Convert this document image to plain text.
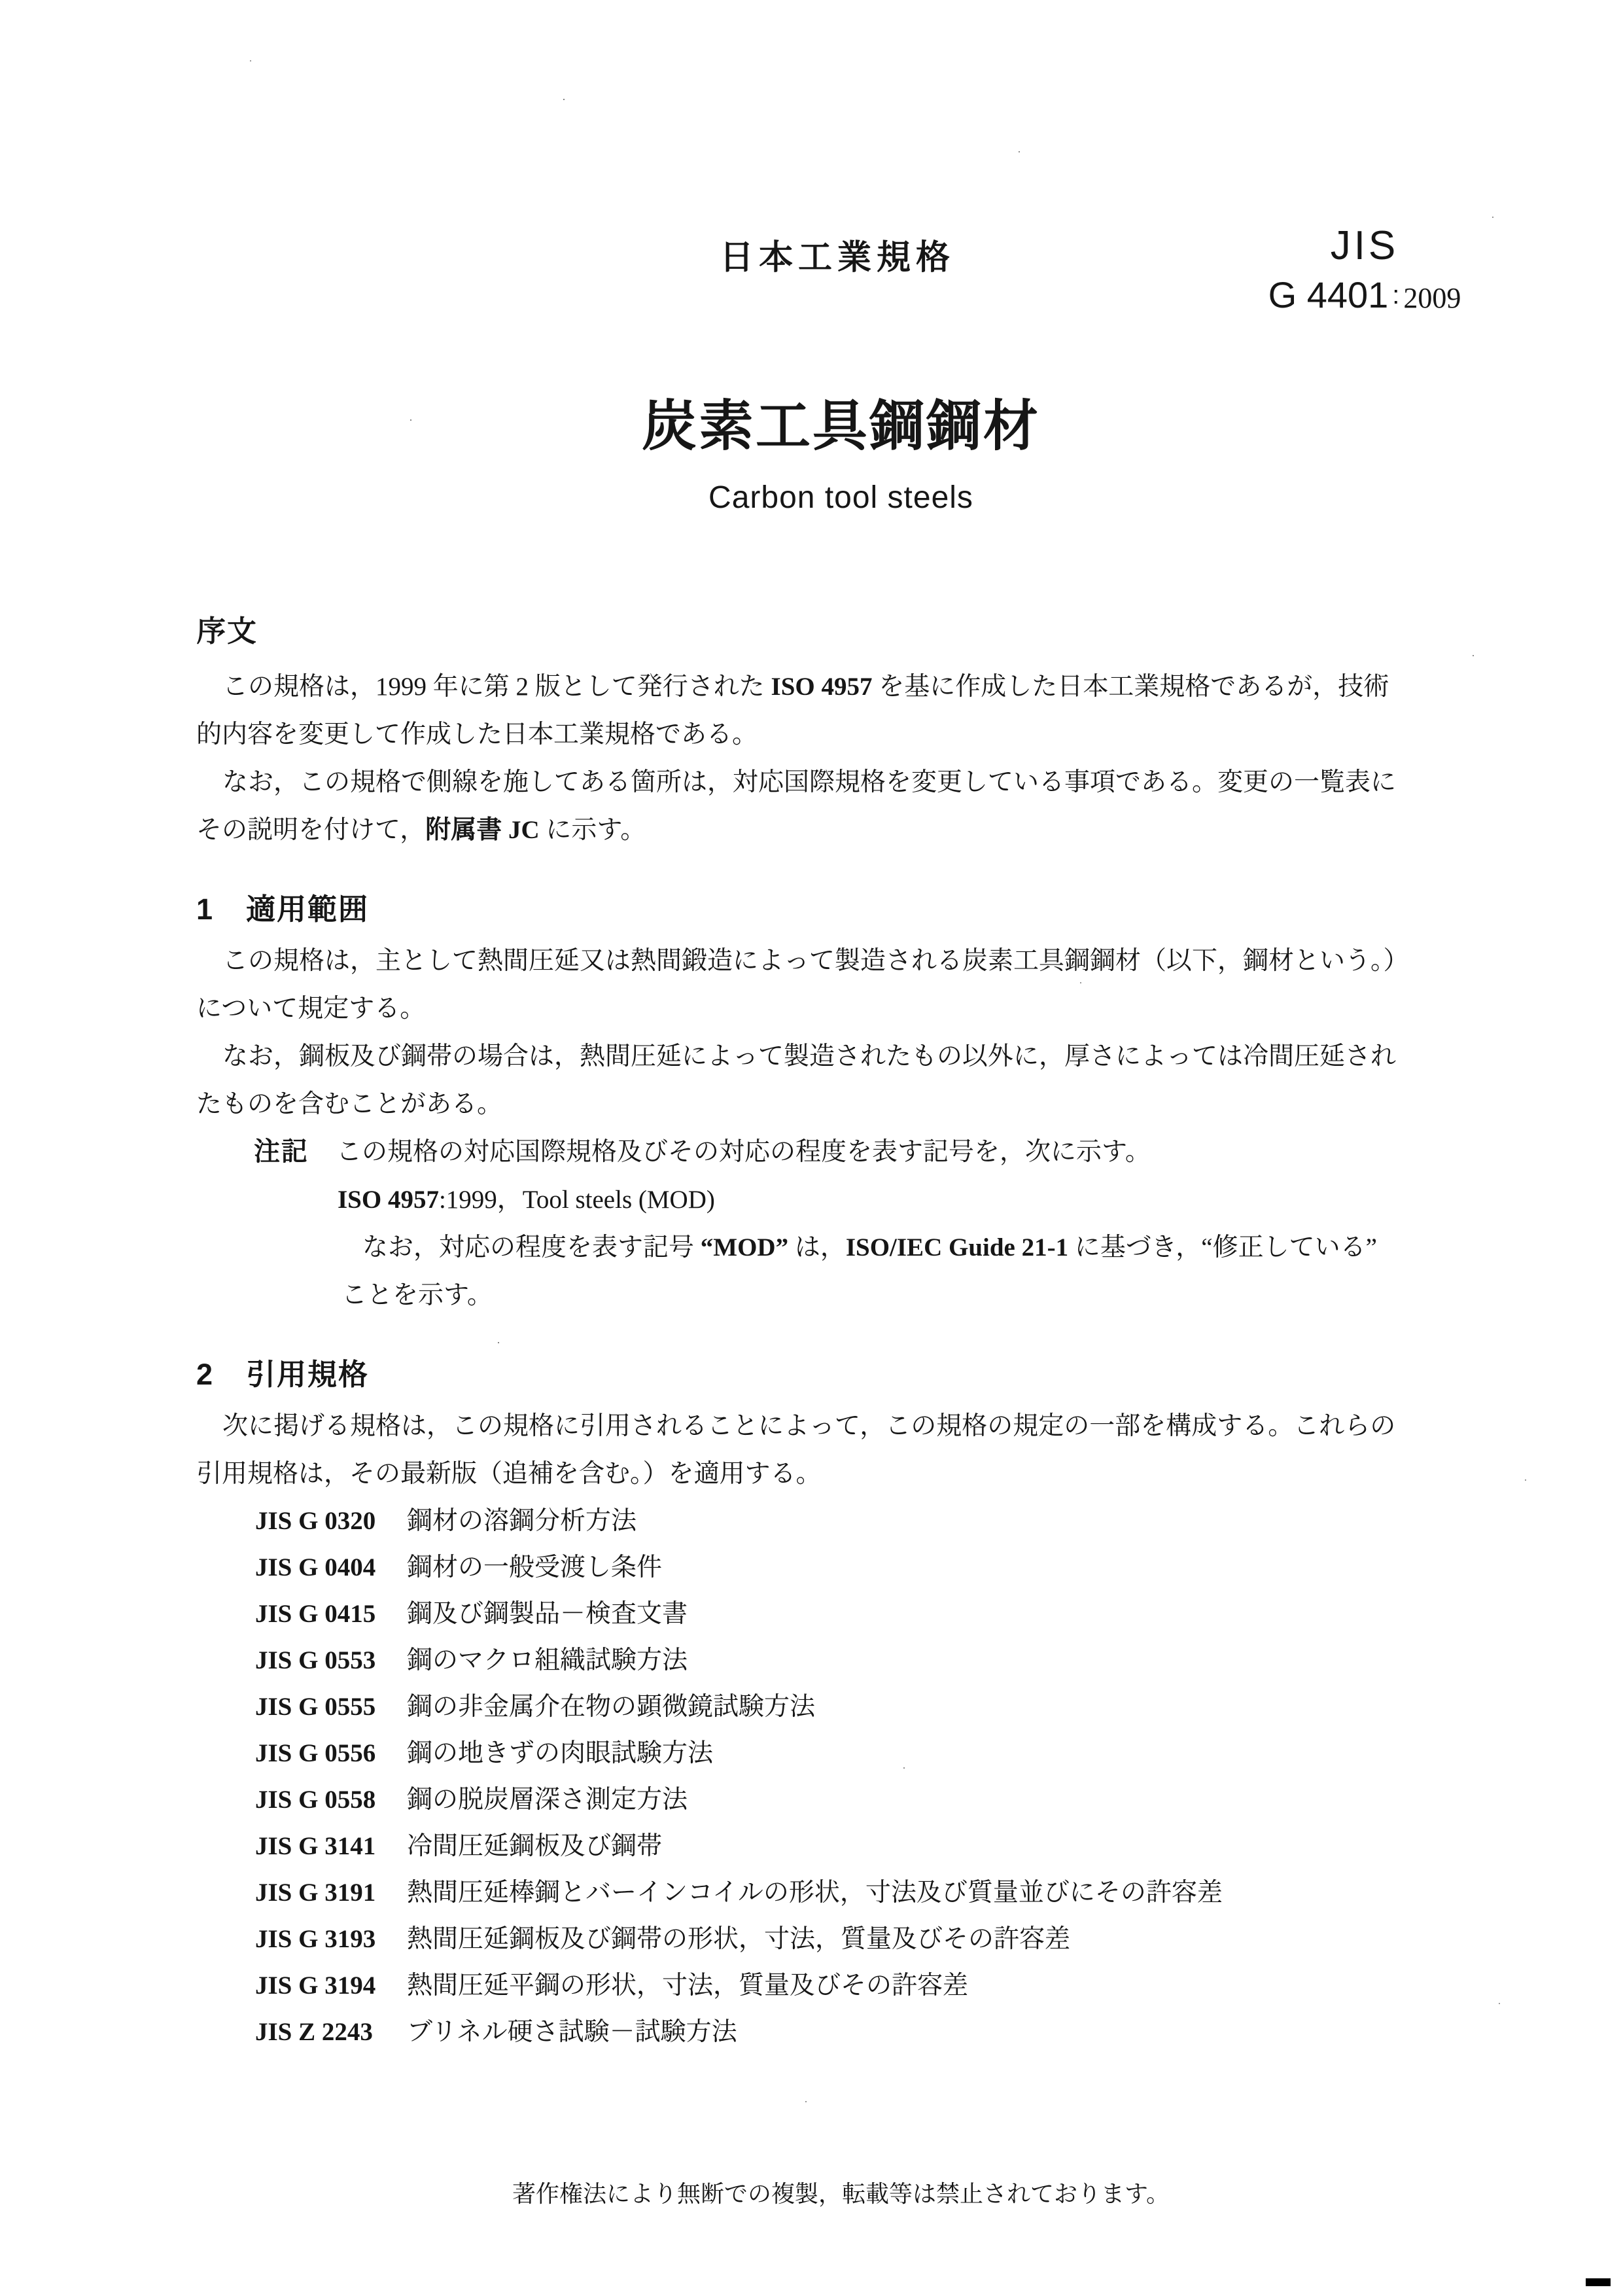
日本工業規格	JIS
G 4401 : 2009
炭素工具鋼鋼材
Carbon tool steels
序文
この規格は，1999 年に第 2 版として発行された ISO 4957 を基に作成した日本工業規格であるが，技術
的内容を変更して作成した日本工業規格である。
なお，この規格で側線を施してある箇所は，対応国際規格を変更している事項である。変更の一覧表に
その説明を付けて，附属書 JC に示す。
1 適用範囲
この規格は，主として熱間圧延又は熱間鍛造によって製造される炭素工具鋼鋼材（以下，鋼材という。）
について規定する。
なお，鋼板及び鋼帯の場合は，熱間圧延によって製造されたもの以外に，厚さによっては冷間圧延され
たものを含むことがある。
注記 この規格の対応国際規格及びその対応の程度を表す記号を，次に示す。
ISO 4957:1999，Tool steels (MOD)
なお，対応の程度を表す記号 “MOD” は，ISO/IEC Guide 21-1 に基づき，“修正している”
ことを示す。
2 引用規格
次に掲げる規格は，この規格に引用されることによって，この規格の規定の一部を構成する。これらの
引用規格は，その最新版（追補を含む。）を適用する。
JIS G 0320	鋼材の溶鋼分析方法
JIS G 0404	鋼材の一般受渡し条件
JIS G 0415	鋼及び鋼製品－検査文書
JIS G 0553	鋼のマクロ組織試験方法
JIS G 0555	鋼の非金属介在物の顕微鏡試験方法
JIS G 0556	鋼の地きずの肉眼試験方法
JIS G 0558	鋼の脱炭層深さ測定方法
JIS G 3141	冷間圧延鋼板及び鋼帯
JIS G 3191	熱間圧延棒鋼とバーインコイルの形状，寸法及び質量並びにその許容差
JIS G 3193	熱間圧延鋼板及び鋼帯の形状，寸法，質量及びその許容差
JIS G 3194	熱間圧延平鋼の形状，寸法，質量及びその許容差
JIS Z 2243	ブリネル硬さ試験－試験方法
著作権法により無断での複製，転載等は禁止されております。
